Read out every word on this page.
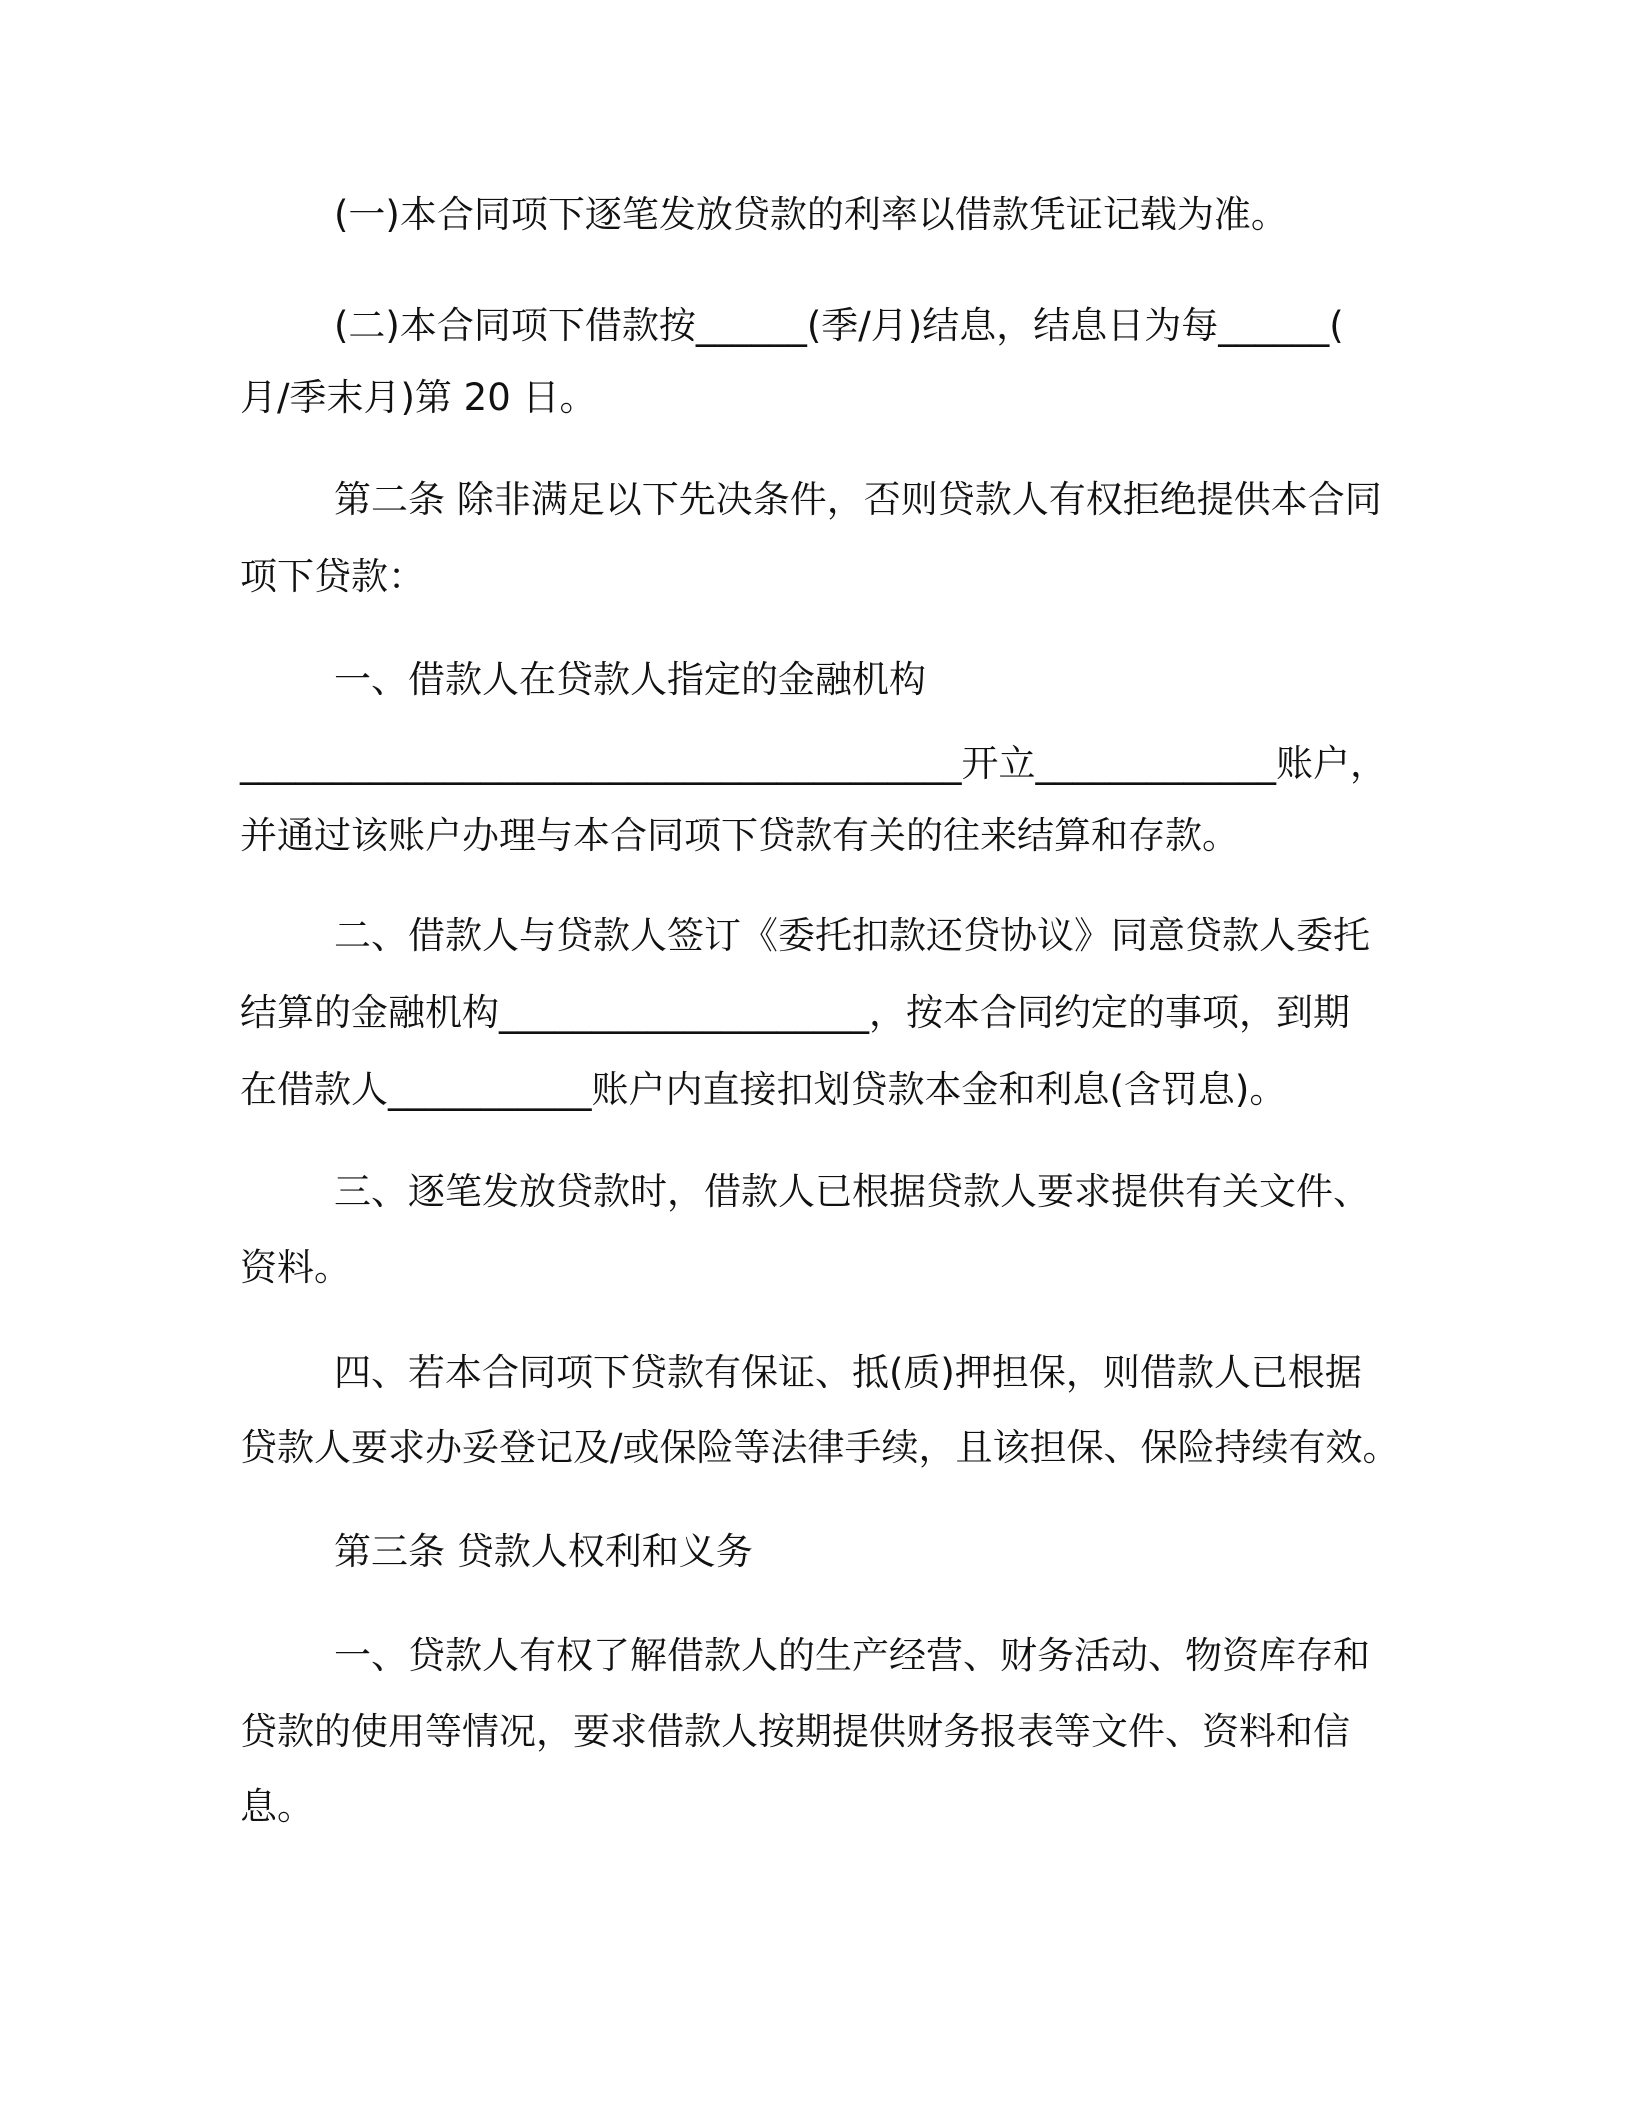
(一)本合同项下逐笔发放贷款的利率以借款凭证记载为准。
(二)本合同项下借款按______(季/月)结息，结息日为每______(
月/季末月)第 20 日。
第二条 除非满足以下先决条件，否则贷款人有权拒绝提供本合同
项下贷款：
一、借款人在贷款人指定的金融机构
_______________________________________开立_____________账户，
并通过该账户办理与本合同项下贷款有关的往来结算和存款。
二、借款人与贷款人签订《委托扣款还贷协议》同意贷款人委托
结算的金融机构____________________，按本合同约定的事项，到期
在借款人___________账户内直接扣划贷款本金和利息(含罚息)。
三、逐笔发放贷款时，借款人已根据贷款人要求提供有关文件、
资料。
四、若本合同项下贷款有保证、抵(质)押担保，则借款人已根据
贷款人要求办妥登记及/或保险等法律手续，且该担保、保险持续有效。
第三条 贷款人权利和义务
一、贷款人有权了解借款人的生产经营、财务活动、物资库存和
贷款的使用等情况，要求借款人按期提供财务报表等文件、资料和信
息。
